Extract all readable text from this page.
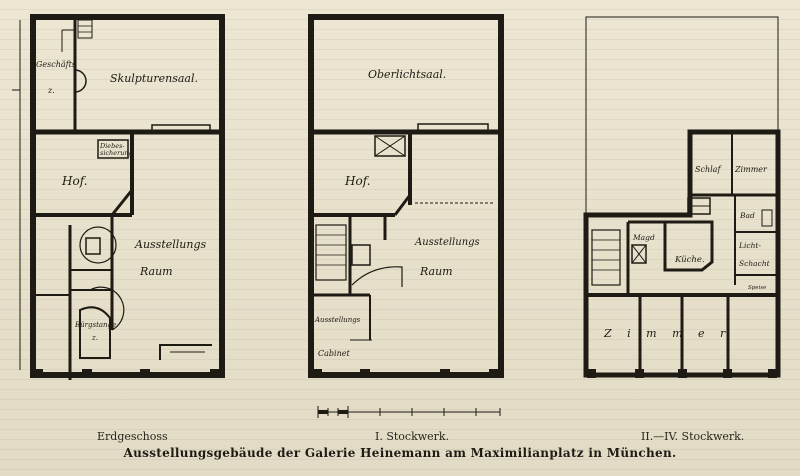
Geschäfts
z.
Skulpturensaal.
Diebes-
sicherung
Hof.
Ausstellungs
Raum
Bürgstange
z.
Oberlichtsaal.
Hof.
Ausstellungs
Raum
Ausstellungs
Cabinet
Schlaf Zimmer
Magd
Küche.
Bad
Licht-
Schacht
Speise
Z i m m e r
Erdgeschoss	I. Stockwerk.	II.—IV. Stockwerk.
Ausstellungsgebäude der Galerie Heinemann am Maximilianplatz in München.
